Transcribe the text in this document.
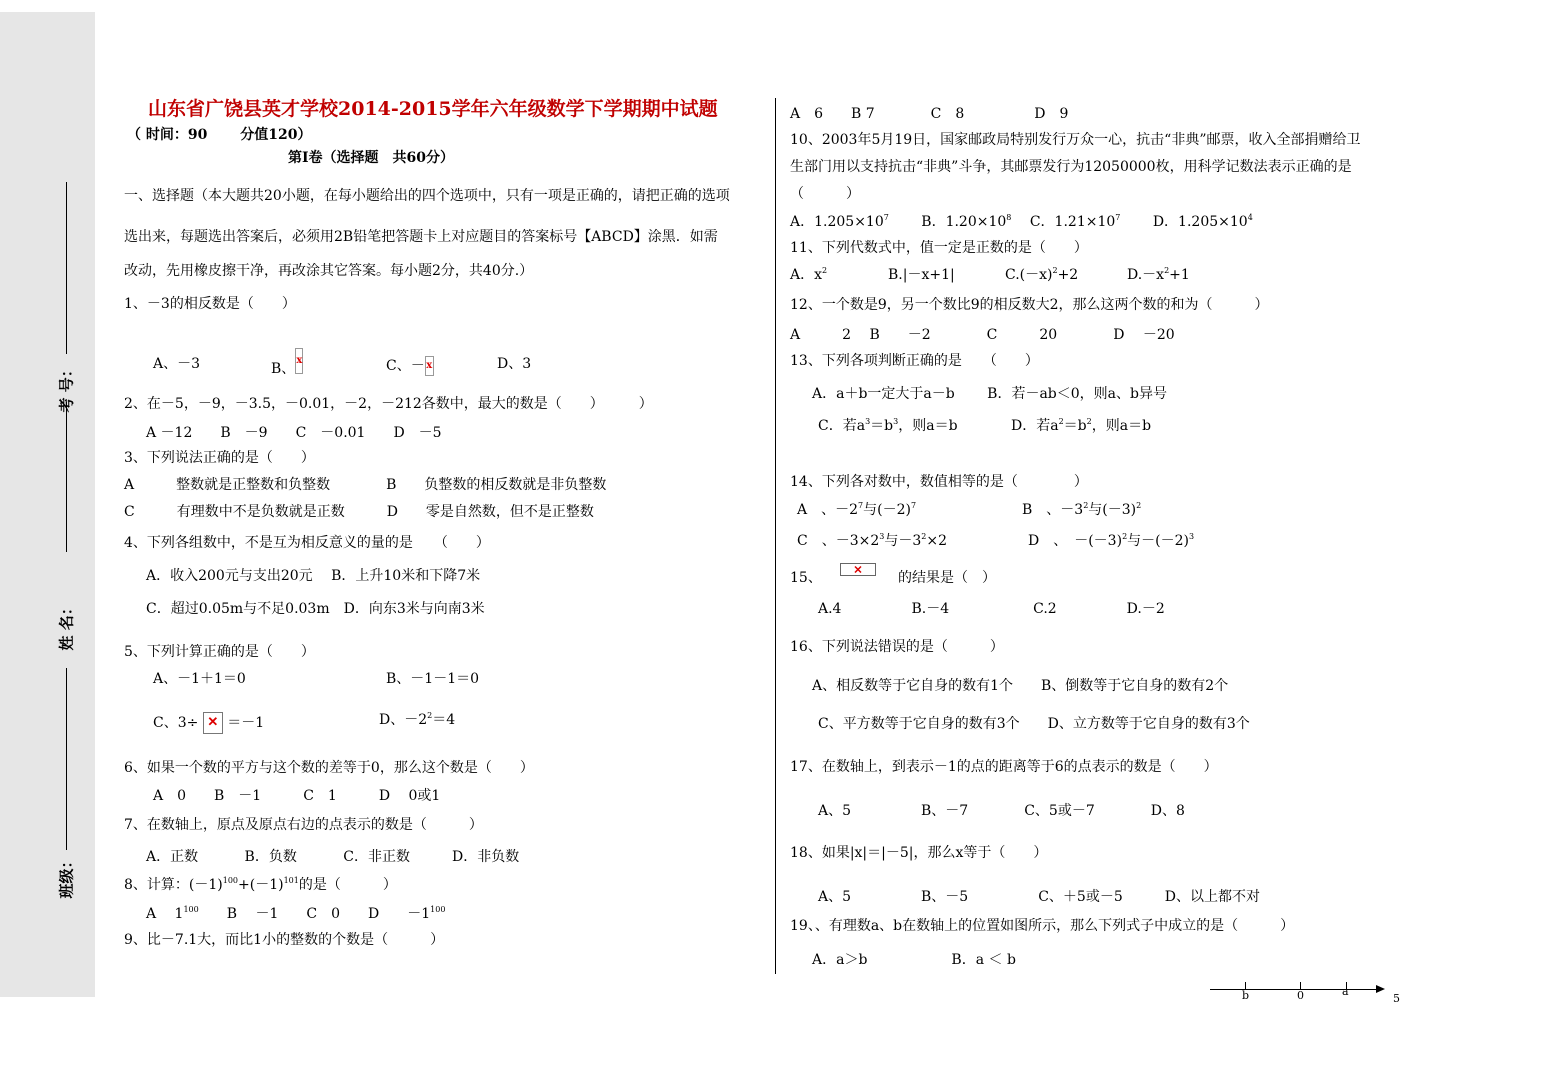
考 号：
姓 名：
班级：
山东省广饶县英才学校2014-2015学年六年级数学下学期期中试题
（ 时间：90　　 分值120）
第Ⅰ卷（选择题　共60分）
一、选择题（本大题共20小题，在每小题给出的四个选项中，只有一项是正确的，请把正确的选项
选出来，每题选出答案后，必须用2B铅笔把答题卡上对应题目的答案标号【ABCD】涂黑．如需
改动，先用橡皮擦干净，再改涂其它答案。每小题2分，共40分.）
1、－3的相反数是（　　）
2、在－5，－9，－3.5，－0.01，－2，－212各数中，最大的数是（　　）　　　）
A －12　　B　－9　　C　－0.01　　D　－5
3、下列说法正确的是（　　）
A　　　整数就是正整数和负整数　　　　B　　负整数的相反数就是非负整数
C　　　有理数中不是负数就是正数　　　D　　零是自然数，但不是正整数
4、下列各组数中，不是互为相反意义的量的是　　（　　）
A．收入200元与支出20元　 B．上升10米和下降7米
C．超过0.05m与不足0.03m　D．向东3米与向南3米
5、下列计算正确的是（　　）
A、－1＋1＝0	B、－1－1＝0
6、如果一个数的平方与这个数的差等于0，那么这个数是（　　）
A　0　　B　－1　　　C　1　　　D　 0或1
7、在数轴上，原点及原点右边的点表示的数是（　　　）
A．正数　　　 B．负数　　　 C．非正数　　　D．非负数
9、比－7.1大，而比1小的整数的个数是（　　　）
A　6　　B 7　　　　C　8　　　　　D　9
10、2003年5月19日，国家邮政局特别发行万众一心，抗击“非典”邮票，收入全部捐赠给卫
生部门用以支持抗击“非典”斗争，其邮票发行为12050000枚，用科学记数法表示正确的是
（　　　）
11、下列代数式中，值一定是正数的是（　　）
12、一个数是9，另一个数比9的相反数大2，那么这两个数的和为（　　　）
A　　　2　 B　　－2　　　　C　　　20　　　　D　 －20
13、下列各项判断正确的是　　（　　）
A．a＋b一定大于a－b　　 B．若－ab＜0，则a、b异号
14、下列各对数中，数值相等的是（　　　　）
15、	的结果是（　）
A.4　　　　　B.－4　　　　　　C.2　　　　　D.－2
16、下列说法错误的是（　　　）
A、相反数等于它自身的数有1个　　B、倒数等于它自身的数有2个
C、平方数等于它自身的数有3个　　D、立方数等于它自身的数有3个
17、在数轴上，到表示－1的点的距离等于6的点表示的数是（　　）
A、5　　　　　B、－7　　　　C、5或－7　　　　D、8
18、如果|x|＝|－5|，那么x等于（　　）
A、5　　　　　B、－5　　　　　C、＋5或－5　　　D、以上都不对
19、、有理数a、b在数轴上的位置如图所示，那么下列式子中成立的是（　　　）
A．a＞b　　　　　　B．a ＜ b
A、－3	B、
x	C、－ x	D、3
C、3÷ ✕ ＝－1	D、$-2^2=4$
8、计算：$(-1)^{100}+(-1)^{101}$的是（　　　）
A　 $1^{100}$　　B　 －1　　C　0　　D　　$-1^{100}$
A．$1.205\times 10^7$　　 B．$1.20\times 10^8$　 C．$1.21\times 10^7$　　 D．$1.205\times 10^4$
A．$x^2$	B.|－x+1|	$C.(-x)^2+2$	$D.-x^2+1$
C．若$a^3=b^3$，则a＝b	D．若$a^2=b^2$，则a＝b
A　、$-2^7$与$(-2)^7$	B　、$-3^2$与$(-3)^2$
C　、$-3\times 2^3$与$-3^2\times 2$	D　、　$-(-3)^2$与$-(-2)^3$
✕
b	0	a
5
